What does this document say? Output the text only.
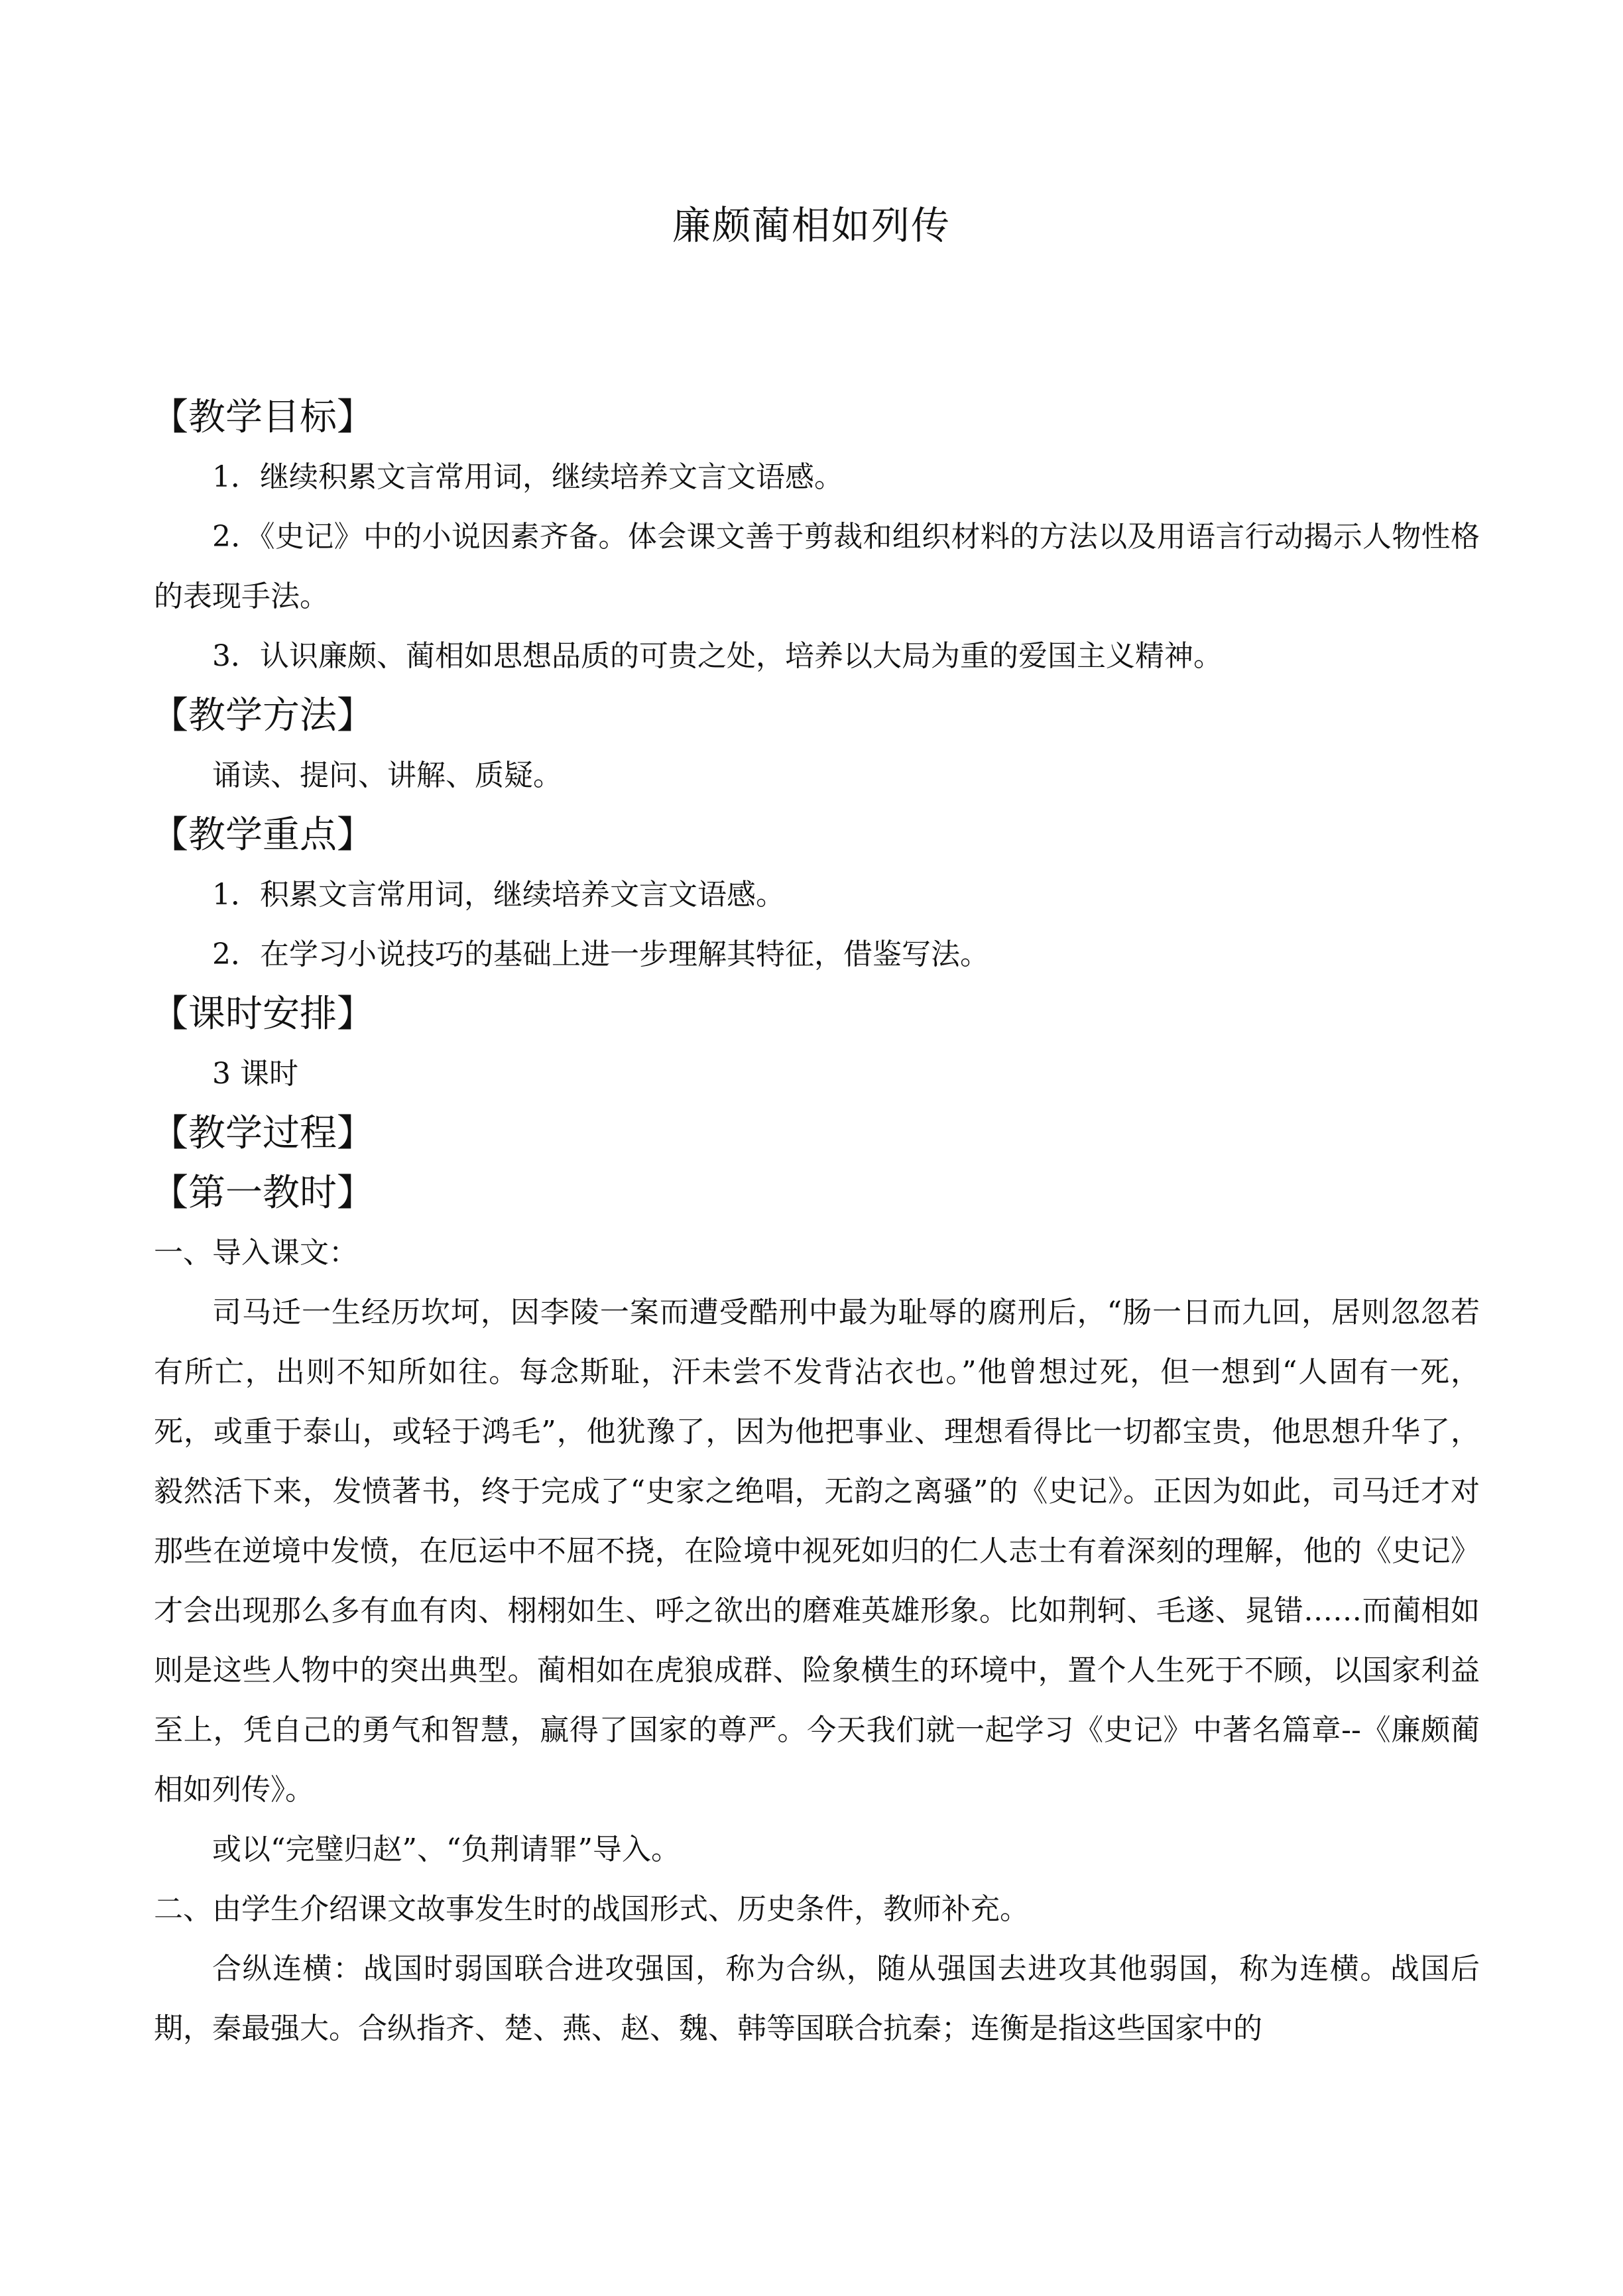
廉颇蔺相如列传
【教学目标】
1．继续积累文言常用词，继续培养文言文语感。

2．《史记》中的小说因素齐备。体会课文善于剪裁和组织材料的方法以及用语言行动揭示人物性格的表现手法。

3．认识廉颇、蔺相如思想品质的可贵之处，培养以大局为重的爱国主义精神。
【教学方法】
诵读、提问、讲解、质疑。
【教学重点】
1．积累文言常用词，继续培养文言文语感。
2．在学习小说技巧的基础上进一步理解其特征，借鉴写法。
【课时安排】
3 课时
【教学过程】
【第一教时】
一、导入课文：

司马迁一生经历坎坷，因李陵一案而遭受酷刑中最为耻辱的腐刑后，“肠一日而九回，居则忽忽若有所亡，出则不知所如往。每念斯耻，汗未尝不发背沾衣也。”他曾想过死，但一想到“人固有一死，死，或重于泰山，或轻于鸿毛”，他犹豫了，因为他把事业、理想看得比一切都宝贵，他思想升华了，毅然活下来，发愤著书，终于完成了“史家之绝唱，无韵之离骚”的《史记》。正因为如此，司马迁才对那些在逆境中发愤，在厄运中不屈不挠，在险境中视死如归的仁人志士有着深刻的理解，他的《史记》才会出现那么多有血有肉、栩栩如生、呼之欲出的磨难英雄形象。比如荆轲、毛遂、晁错……而蔺相如则是这些人物中的突出典型。蔺相如在虎狼成群、险象横生的环境中，置个人生死于不顾，以国家利益至上，凭自己的勇气和智慧，赢得了国家的尊严。今天我们就一起学习《史记》中著名篇章--《廉颇蔺相如列传》。

或以“完璧归赵”、“负荆请罪”导入。
二、由学生介绍课文故事发生时的战国形式、历史条件，教师补充。

合纵连横：战国时弱国联合进攻强国，称为合纵，随从强国去进攻其他弱国，称为连横。战国后期，秦最强大。合纵指齐、楚、燕、赵、魏、韩等国联合抗秦；连衡是指这些国家中的
